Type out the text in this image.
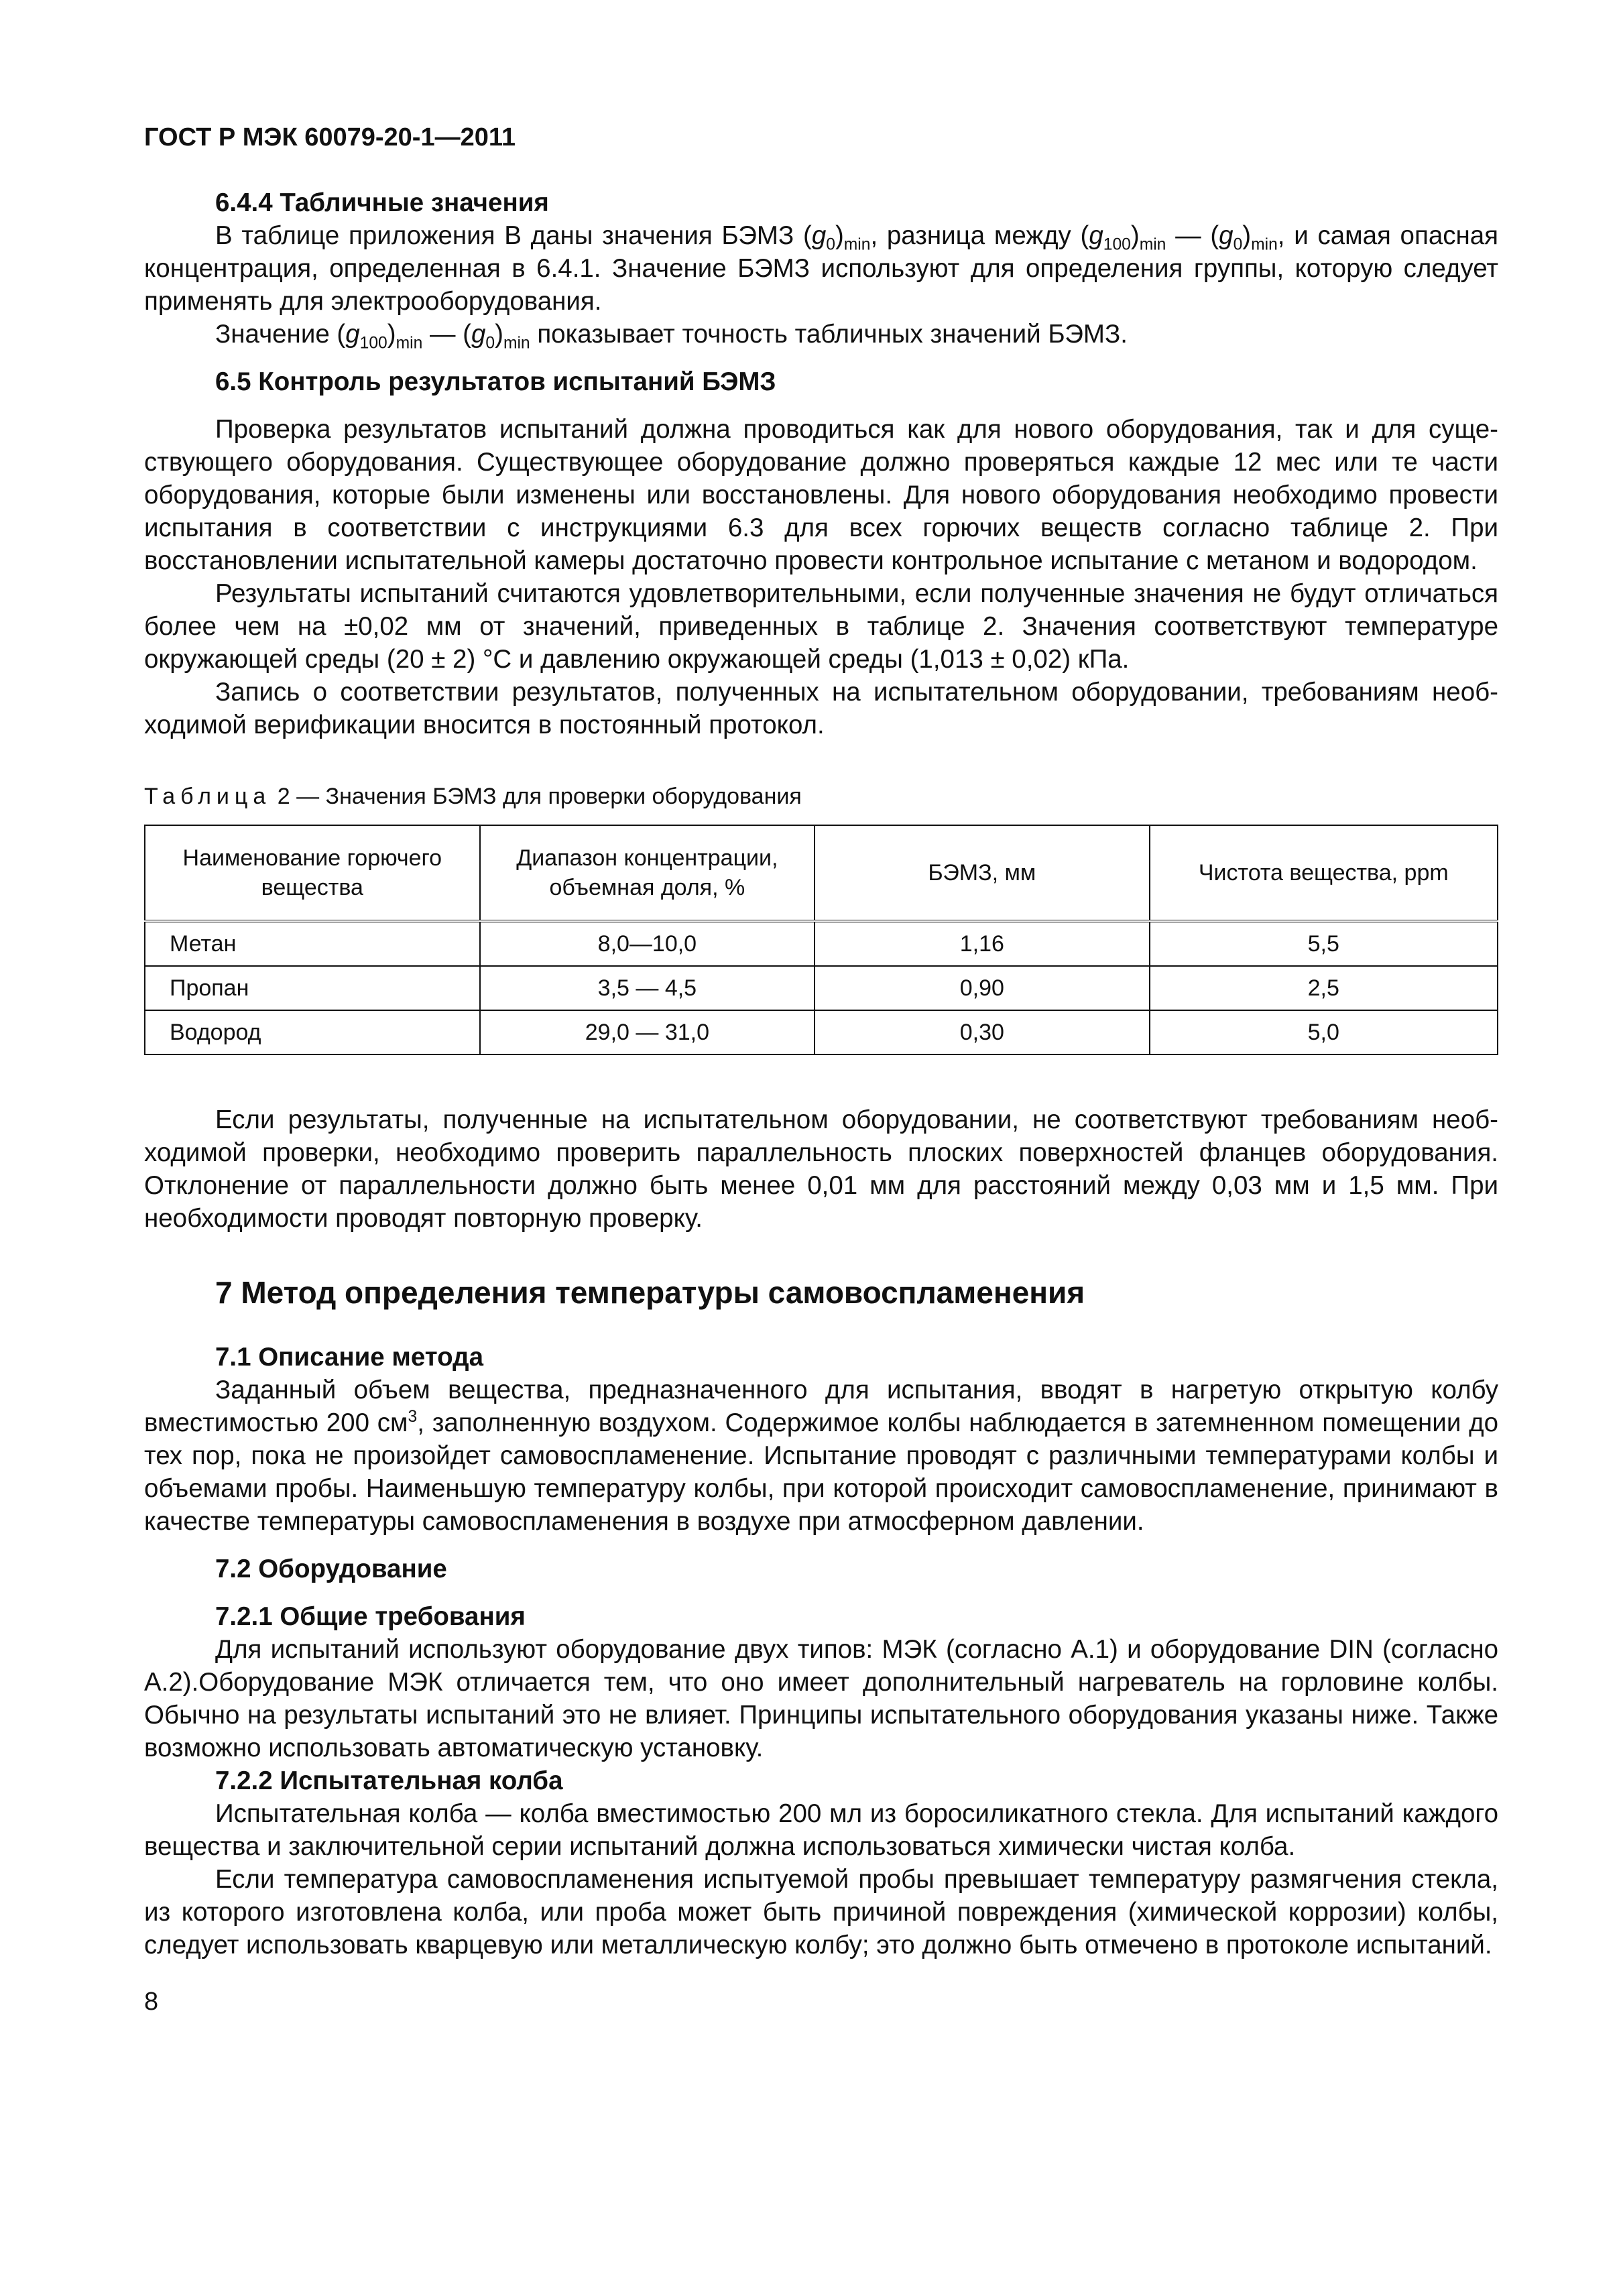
ГОСТ Р МЭК 60079-20-1—2011
6.4.4 Табличные значения

В таблице приложения В даны значения БЭМЗ $(g_0)_{min}$, разница между $(g_{100})_{min}$ — $(g_0)_{min}$, и самая опасная концентрация, определенная в 6.4.1. Значение БЭМЗ используют для определения группы, которую следует применять для электрооборудования.

Значение $(g_{100})_{min}$ — $(g_0)_{min}$ показывает точность табличных значений БЭМЗ.

6.5 Контроль результатов испытаний БЭМЗ

Проверка результатов испытаний должна проводиться как для нового оборудования, так и для существующего оборудования. Существующее оборудование должно проверяться каждые 12 мес или те части оборудования, которые были изменены или восстановлены. Для нового оборудования необходимо провести испытания в соответствии с инструкциями 6.3 для всех горючих веществ согласно таблице 2. При восстановлении испытательной камеры достаточно провести контрольное испытание с метаном и водородом.

Результаты испытаний считаются удовлетворительными, если полученные значения не будут отличаться более чем на ±0,02 мм от значений, приведенных в таблице 2. Значения соответствуют температуре окружающей среды (20 ± 2) °С и давлению окружающей среды (1,013 ± 0,02) кПа.

Запись о соответствии результатов, полученных на испытательном оборудовании, требованиям необходимой верификации вносится в постоянный протокол.

Таблица 2 — Значения БЭМЗ для проверки оборудования
Наименование горючего вещества	Диапазон концентрации, объемная доля, %	БЭМЗ, мм	Чистота вещества, ppm
Метан	8,0—10,0	1,16	5,5
Пропан	3,5 — 4,5	0,90	2,5
Водород	29,0 — 31,0	0,30	5,0

Если результаты, полученные на испытательном оборудовании, не соответствуют требованиям необходимой проверки, необходимо проверить параллельность плоских поверхностей фланцев оборудования. Отклонение от параллельности должно быть менее 0,01 мм для расстояний между 0,03 мм и 1,5 мм. При необходимости проводят повторную проверку.

7 Метод определения температуры самовоспламенения
7.1 Описание метода

Заданный объем вещества, предназначенного для испытания, вводят в нагретую открытую колбу вместимостью 200 $см^3$, заполненную воздухом. Содержимое колбы наблюдается в затемненном помещении до тех пор, пока не произойдет самовоспламенение. Испытание проводят с различными температурами колбы и объемами пробы. Наименьшую температуру колбы, при которой происходит самовоспламенение, принимают в качестве температуры самовоспламенения в воздухе при атмосферном давлении.

7.2 Оборудование
7.2.1 Общие требования

Для испытаний используют оборудование двух типов: МЭК (согласно А.1) и оборудование DIN (согласно А.2).Оборудование МЭК отличается тем, что оно имеет дополнительный нагреватель на горловине колбы. Обычно на результаты испытаний это не влияет. Принципы испытательного оборудования указаны ниже. Также возможно использовать автоматическую установку.

7.2.2 Испытательная колба

Испытательная колба — колба вместимостью 200 мл из боросиликатного стекла. Для испытаний каждого вещества и заключительной серии испытаний должна использоваться химически чистая колба.

Если температура самовоспламенения испытуемой пробы превышает температуру размягчения стекла, из которого изготовлена колба, или проба может быть причиной повреждения (химической коррозии) колбы, следует использовать кварцевую или металлическую колбу; это должно быть отмечено в протоколе испытаний.

8
